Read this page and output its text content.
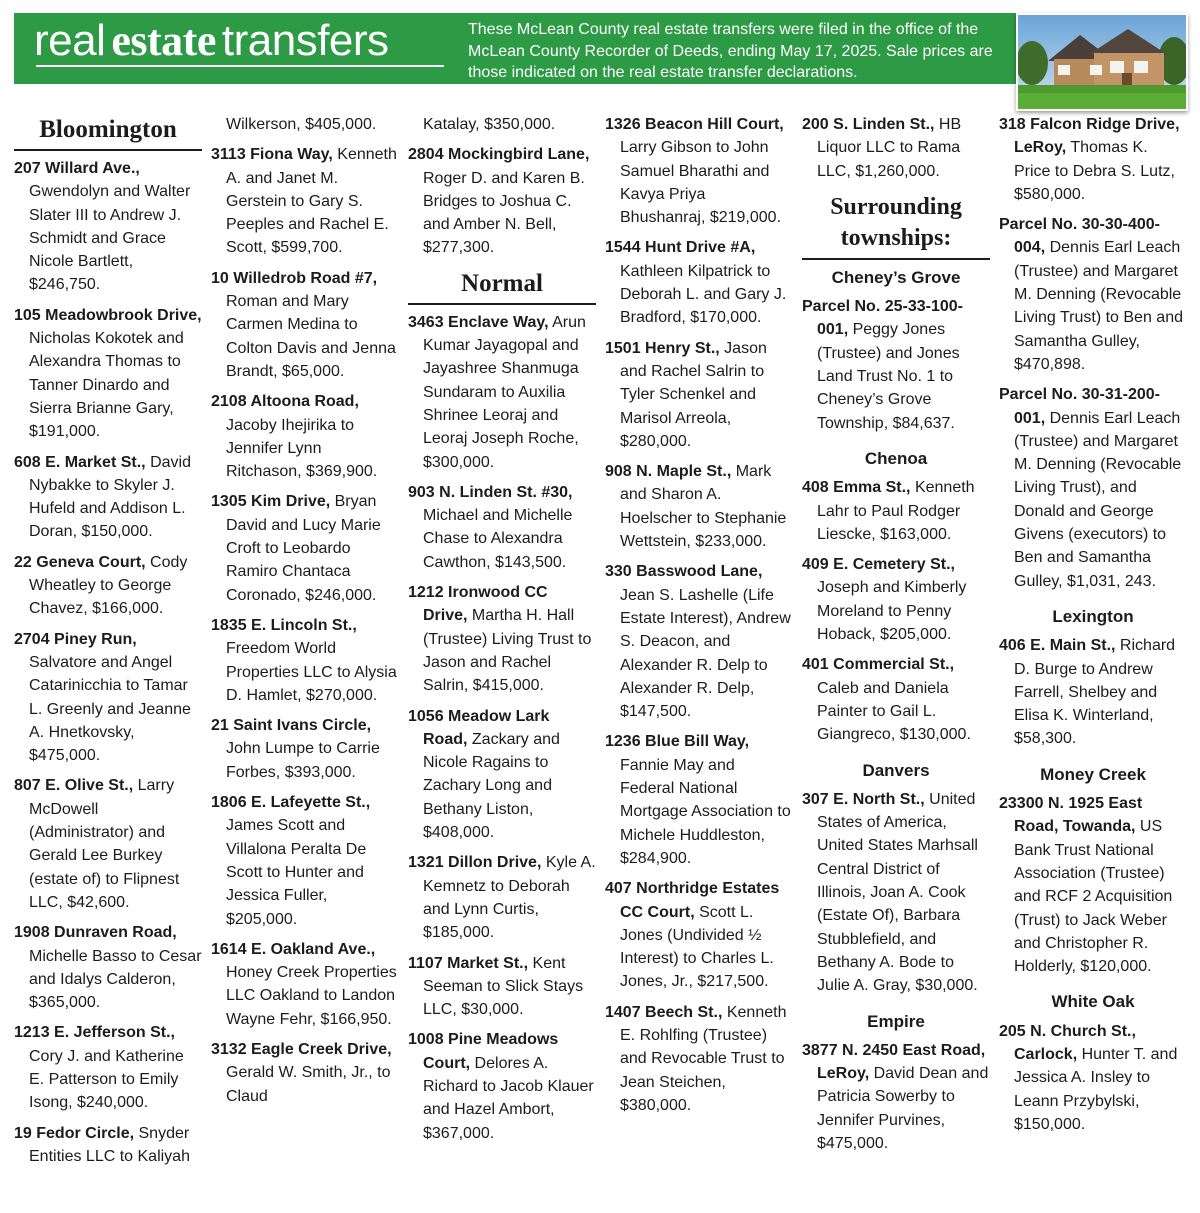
real estate transfers	These McLean County real estate transfers were filed in the office of the McLean County Recorder of Deeds, ending May 17, 2025. Sale prices are those indicated on the real estate transfer declarations.
Bloomington
207 Willard Ave., Gwendolyn and Walter Slater III to Andrew J. Schmidt and Grace Nicole Bartlett, $246,750.
105 Meadowbrook Drive, Nicholas Kokotek and Alexandra Thomas to Tanner Dinardo and Sierra Brianne Gary, $191,000.
608 E. Market St., David Nybakke to Skyler J. Hufeld and Addison L. Doran, $150,000.
22 Geneva Court, Cody Wheatley to George Chavez, $166,000.
2704 Piney Run, Salvatore and Angel Catarinicchia to Tamar L. Greenly and Jeanne A. Hnetkovsky, $475,000.
807 E. Olive St., Larry McDowell (Administrator) and Gerald Lee Burkey (estate of) to Flipnest LLC, $42,600.
1908 Dunraven Road, Michelle Basso to Cesar and Idalys Calderon, $365,000.
1213 E. Jefferson St., Cory J. and Katherine E. Patterson to Emily Isong, $240,000.
19 Fedor Circle, Snyder Entities LLC to Kaliyah
Wilkerson, $405,000.
3113 Fiona Way, Kenneth A. and Janet M. Gerstein to Gary S. Peeples and Rachel E. Scott, $599,700.
10 Willedrob Road #7, Roman and Mary Carmen Medina to Colton Davis and Jenna Brandt, $65,000.
2108 Altoona Road, Jacoby Ihejirika to Jennifer Lynn Ritchason, $369,900.
1305 Kim Drive, Bryan David and Lucy Marie Croft to Leobardo Ramiro Chantaca Coronado, $246,000.
1835 E. Lincoln St., Freedom World Properties LLC to Alysia D. Hamlet, $270,000.
21 Saint Ivans Circle, John Lumpe to Carrie Forbes, $393,000.
1806 E. Lafeyette St., James Scott and Villalona Peralta De Scott to Hunter and Jessica Fuller, $205,000.
1614 E. Oakland Ave., Honey Creek Properties LLC Oakland to Landon Wayne Fehr, $166,950.
3132 Eagle Creek Drive, Gerald W. Smith, Jr., to Claud
Katalay, $350,000.
2804 Mockingbird Lane, Roger D. and Karen B. Bridges to Joshua C. and Amber N. Bell, $277,300.
Normal
3463 Enclave Way, Arun Kumar Jayagopal and Jayashree Shanmuga Sundaram to Auxilia Shrinee Leoraj and Leoraj Joseph Roche, $300,000.
903 N. Linden St. #30, Michael and Michelle Chase to Alexandra Cawthon, $143,500.
1212 Ironwood CC Drive, Martha H. Hall (Trustee) Living Trust to Jason and Rachel Salrin, $415,000.
1056 Meadow Lark Road, Zackary and Nicole Ragains to Zachary Long and Bethany Liston, $408,000.
1321 Dillon Drive, Kyle A. Kemnetz to Deborah and Lynn Curtis, $185,000.
1107 Market St., Kent Seeman to Slick Stays LLC, $30,000.
1008 Pine Meadows Court, Delores A. Richard to Jacob Klauer and Hazel Ambort, $367,000.
1326 Beacon Hill Court, Larry Gibson to John Samuel Bharathi and Kavya Priya Bhushanraj, $219,000.
1544 Hunt Drive #A, Kathleen Kilpatrick to Deborah L. and Gary J. Bradford, $170,000.
1501 Henry St., Jason and Rachel Salrin to Tyler Schenkel and Marisol Arreola, $280,000.
908 N. Maple St., Mark and Sharon A. Hoelscher to Stephanie Wettstein, $233,000.
330 Basswood Lane, Jean S. Lashelle (Life Estate Interest), Andrew S. Deacon, and Alexander R. Delp to Alexander R. Delp, $147,500.
1236 Blue Bill Way, Fannie May and Federal National Mortgage Association to Michele Huddleston, $284,900.
407 Northridge Estates CC Court, Scott L. Jones (Undivided ½ Interest) to Charles L. Jones, Jr., $217,500.
1407 Beech St., Kenneth E. Rohlfing (Trustee) and Revocable Trust to Jean Steichen, $380,000.
200 S. Linden St., HB Liquor LLC to Rama LLC, $1,260,000.
Surrounding townships:
Cheney’s Grove
Parcel No. 25-33-100-001, Peggy Jones (Trustee) and Jones Land Trust No. 1 to Cheney’s Grove Township, $84,637.
Chenoa
408 Emma St., Kenneth Lahr to Paul Rodger Liescke, $163,000.
409 E. Cemetery St., Joseph and Kimberly Moreland to Penny Hoback, $205,000.
401 Commercial St., Caleb and Daniela Painter to Gail L. Giangreco, $130,000.
Danvers
307 E. North St., United States of America, United States Marhsall Central District of Illinois, Joan A. Cook (Estate Of), Barbara Stubblefield, and Bethany A. Bode to Julie A. Gray, $30,000.
Empire
3877 N. 2450 East Road, LeRoy, David Dean and Patricia Sowerby to Jennifer Purvines, $475,000.
318 Falcon Ridge Drive, LeRoy, Thomas K. Price to Debra S. Lutz, $580,000.
Parcel No. 30-30-400-004, Dennis Earl Leach (Trustee) and Margaret M. Denning (Revocable Living Trust) to Ben and Samantha Gulley, $470,898.
Parcel No. 30-31-200-001, Dennis Earl Leach (Trustee) and Margaret M. Denning (Revocable Living Trust), and Donald and George Givens (executors) to Ben and Samantha Gulley, $1,031, 243.
Lexington
406 E. Main St., Richard D. Burge to Andrew Farrell, Shelbey and Elisa K. Winterland, $58,300.
Money Creek
23300 N. 1925 East Road, Towanda, US Bank Trust National Association (Trustee) and RCF 2 Acquisition (Trust) to Jack Weber and Christopher R. Holderly, $120,000.
White Oak
205 N. Church St., Carlock, Hunter T. and Jessica A. Insley to Leann Przybylski, $150,000.
